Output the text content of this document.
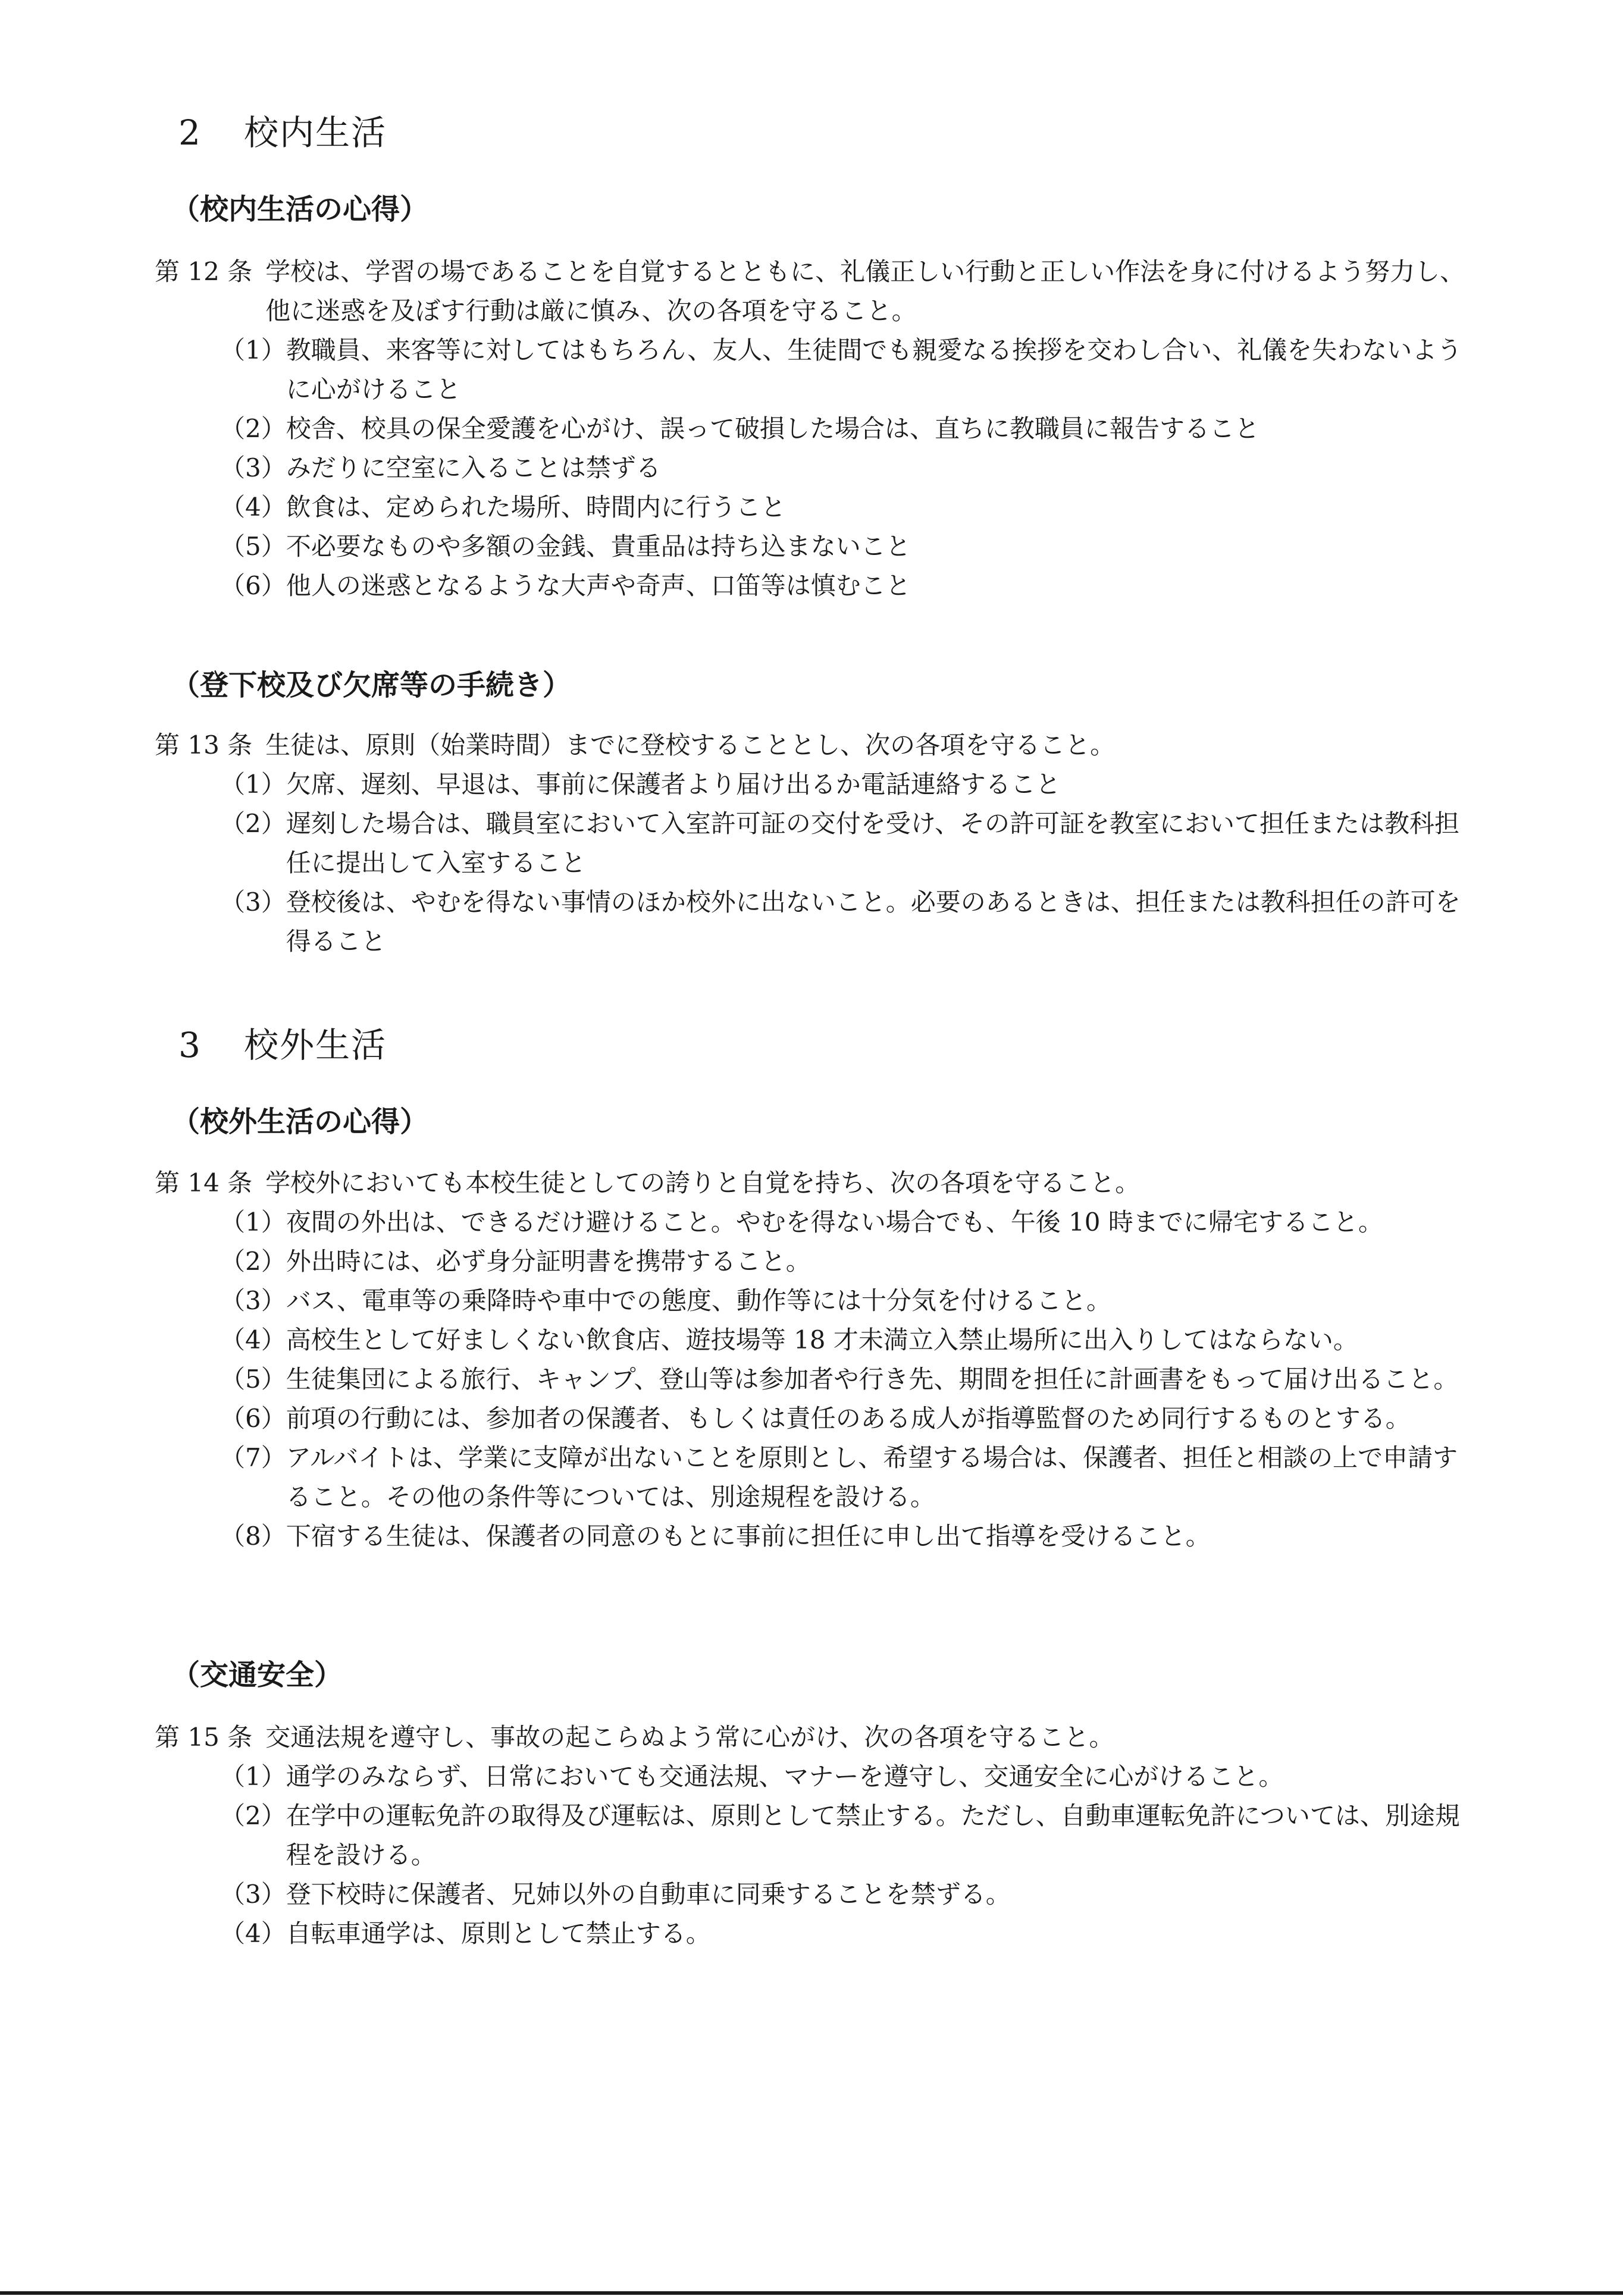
2 校内生活
（校内生活の心得）
第 12 条 学校は、学習の場であることを自覚するとともに、礼儀正しい行動と正しい作法を身に付けるよう努力し、他に迷惑を及ぼす行動は厳に慎み、次の各項を守ること。
（1） 教職員、来客等に対してはもちろん、友人、生徒間でも親愛なる挨拶を交わし合い、礼儀を失わないように心がけること
（2） 校舎、校具の保全愛護を心がけ、誤って破損した場合は、直ちに教職員に報告すること
（3） みだりに空室に入ることは禁ずる
（4） 飲食は、定められた場所、時間内に行うこと
（5） 不必要なものや多額の金銭、貴重品は持ち込まないこと
（6） 他人の迷惑となるような大声や奇声、口笛等は慎むこと
（登下校及び欠席等の手続き）
第 13 条 生徒は、原則（始業時間）までに登校することとし、次の各項を守ること。
（1） 欠席、遅刻、早退は、事前に保護者より届け出るか電話連絡すること
（2） 遅刻した場合は、職員室において入室許可証の交付を受け、その許可証を教室において担任または教科担任に提出して入室すること
（3） 登校後は、やむを得ない事情のほか校外に出ないこと。必要のあるときは、担任または教科担任の許可を得ること
3 校外生活
（校外生活の心得）
第 14 条 学校外においても本校生徒としての誇りと自覚を持ち、次の各項を守ること。
（1） 夜間の外出は、できるだけ避けること。やむを得ない場合でも、午後 10 時までに帰宅すること。
（2） 外出時には、必ず身分証明書を携帯すること。
（3） バス、電車等の乗降時や車中での態度、動作等には十分気を付けること。
（4） 高校生として好ましくない飲食店、遊技場等 18 才未満立入禁止場所に出入りしてはならない。
（5） 生徒集団による旅行、キャンプ、登山等は参加者や行き先、期間を担任に計画書をもって届け出ること。
（6） 前項の行動には、参加者の保護者、もしくは責任のある成人が指導監督のため同行するものとする。
（7） アルバイトは、学業に支障が出ないことを原則とし、希望する場合は、保護者、担任と相談の上で申請すること。その他の条件等については、別途規程を設ける。
（8） 下宿する生徒は、保護者の同意のもとに事前に担任に申し出て指導を受けること。
（交通安全）
第 15 条 交通法規を遵守し、事故の起こらぬよう常に心がけ、次の各項を守ること。
（1） 通学のみならず、日常においても交通法規、マナーを遵守し、交通安全に心がけること。
（2） 在学中の運転免許の取得及び運転は、原則として禁止する。ただし、自動車運転免許については、別途規程を設ける。
（3） 登下校時に保護者、兄姉以外の自動車に同乗することを禁ずる。
（4） 自転車通学は、原則として禁止する。
